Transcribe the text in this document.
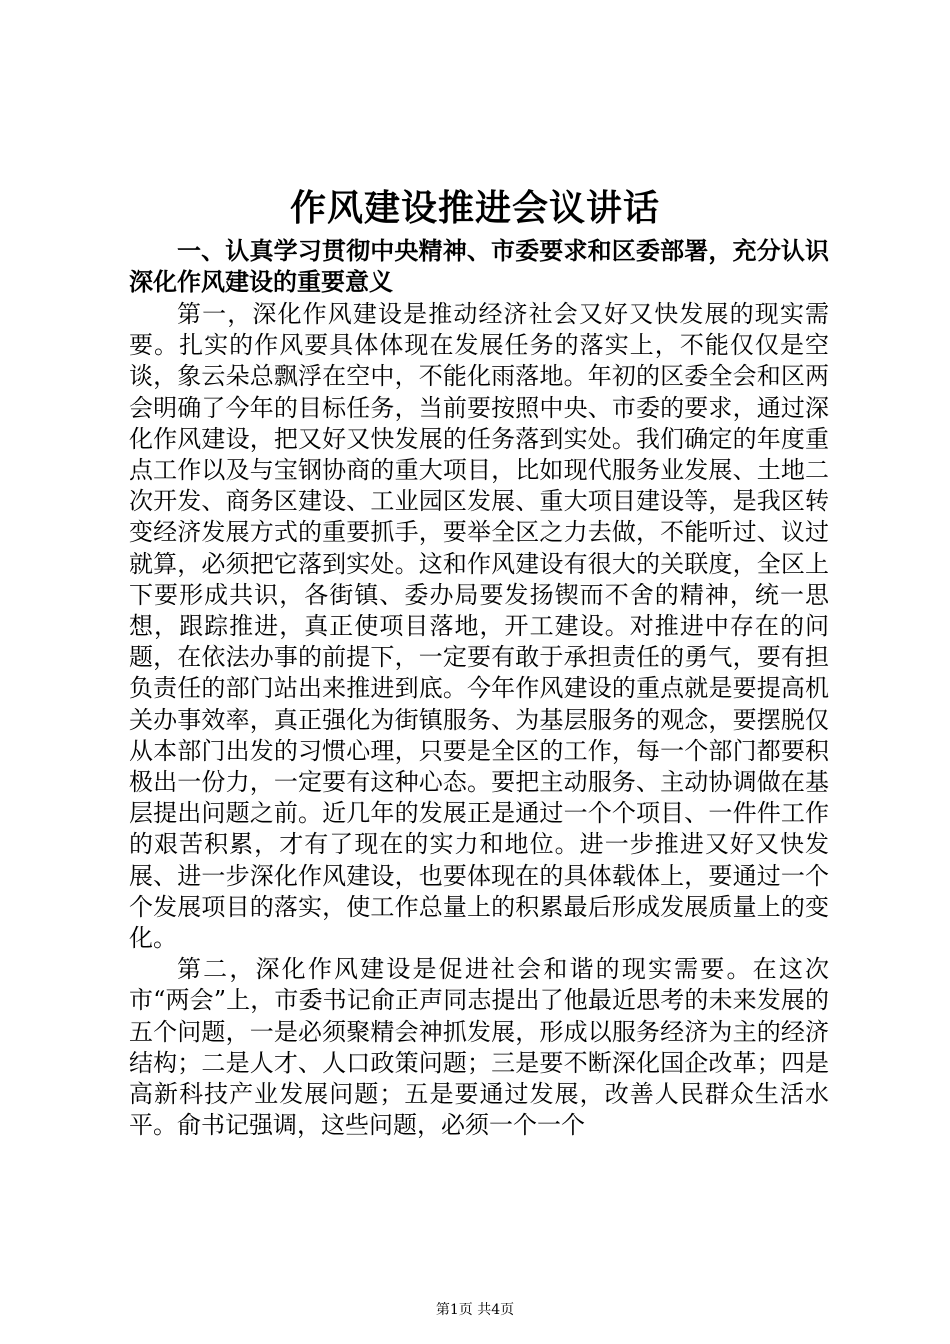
作风建设推进会议讲话
一、认真学习贯彻中央精神、市委要求和区委部署，充分认识深化作风建设的重要意义

第一，深化作风建设是推动经济社会又好又快发展的现实需要。扎实的作风要具体体现在发展任务的落实上，不能仅仅是空谈，象云朵总飘浮在空中，不能化雨落地。年初的区委全会和区两会明确了今年的目标任务，当前要按照中央、市委的要求，通过深化作风建设，把又好又快发展的任务落到实处。我们确定的年度重点工作以及与宝钢协商的重大项目，比如现代服务业发展、土地二次开发、商务区建设、工业园区发展、重大项目建设等，是我区转变经济发展方式的重要抓手，要举全区之力去做，不能听过、议过就算，必须把它落到实处。这和作风建设有很大的关联度，全区上下要形成共识，各街镇、委办局要发扬锲而不舍的精神，统一思想，跟踪推进，真正使项目落地，开工建设。对推进中存在的问题，在依法办事的前提下，一定要有敢于承担责任的勇气，要有担负责任的部门站出来推进到底。今年作风建设的重点就是要提高机关办事效率，真正强化为街镇服务、为基层服务的观念，要摆脱仅从本部门出发的习惯心理，只要是全区的工作，每一个部门都要积极出一份力，一定要有这种心态。要把主动服务、主动协调做在基层提出问题之前。近几年的发展正是通过一个个项目、一件件工作的艰苦积累，才有了现在的实力和地位。进一步推进又好又快发展、进一步深化作风建设，也要体现在的具体载体上，要通过一个个发展项目的落实，使工作总量上的积累最后形成发展质量上的变化。

第二，深化作风建设是促进社会和谐的现实需要。在这次市“两会”上，市委书记俞正声同志提出了他最近思考的未来发展的五个问题，一是必须聚精会神抓发展，形成以服务经济为主的经济结构；二是人才、人口政策问题；三是要不断深化国企改革；四是高新科技产业发展问题；五是要通过发展，改善人民群众生活水平。俞书记强调，这些问题，必须一个一个

第1页 共4页
